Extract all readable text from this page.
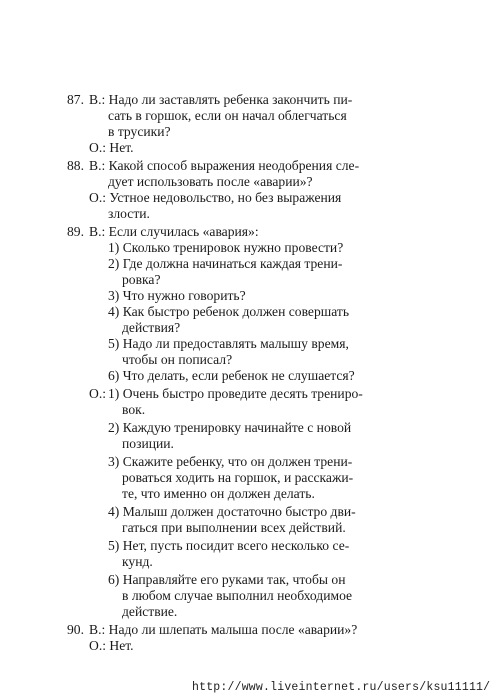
87. В.: Надо ли заставлять ребенка закончить пи-
сать в горшок, если он начал облегчаться
в трусики?
О.: Нет.
88. В.: Какой способ выражения неодобрения сле-
дует использовать после «аварии»?
О.: Устное недовольство, но без выражения
злости.
89. В.: Если случилась «авария»:
1) Сколько тренировок нужно провести?
2) Где должна начинаться каждая трени-
ровка?
3) Что нужно говорить?
4) Как быстро ребенок должен совершать
действия?
5) Надо ли предоставлять малышу время,
чтобы он пописал?
6) Что делать, если ребенок не слушается?
О.: 1) Очень быстро проведите десять трениро-
вок.
2) Каждую тренировку начинайте с новой
позиции.
3) Скажите ребенку, что он должен трени-
роваться ходить на горшок, и расскажи-
те, что именно он должен делать.
4) Малыш должен достаточно быстро дви-
гаться при выполнении всех действий.
5) Нет, пусть посидит всего несколько се-
кунд.
6) Направляйте его руками так, чтобы он
в любом случае выполнил необходимое
действие.
90. В.: Надо ли шлепать малыша после «аварии»?
О.: Нет.
http://www.liveinternet.ru/users/ksu11111/
